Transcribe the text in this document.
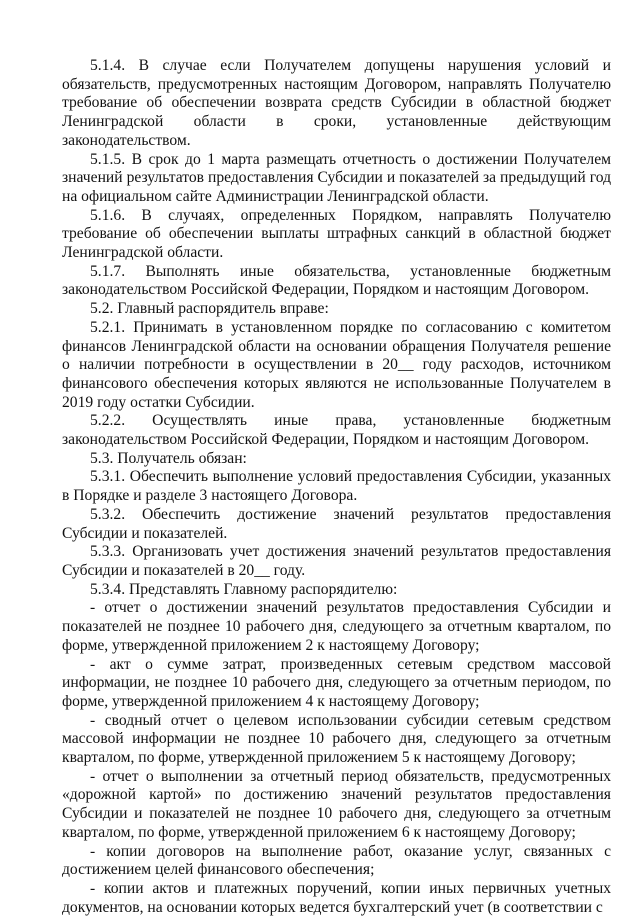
5.1.4. В случае если Получателем допущены нарушения условий и обязательств, предусмотренных настоящим Договором, направлять Получателю требование об обеспечении возврата средств Субсидии в областной бюджет Ленинградской области в сроки, установленные действующим законодательством.

5.1.5. В срок до 1 марта размещать отчетность о достижении Получателем значений результатов предоставления Субсидии и показателей за предыдущий год на официальном сайте Администрации Ленинградской области.

5.1.6. В случаях, определенных Порядком, направлять Получателю требование об обеспечении выплаты штрафных санкций в областной бюджет Ленинградской области.

5.1.7. Выполнять иные обязательства, установленные бюджетным законодательством Российской Федерации, Порядком и настоящим Договором.

5.2. Главный распорядитель вправе:

5.2.1. Принимать в установленном порядке по согласованию с комитетом финансов Ленинградской области на основании обращения Получателя решение о наличии потребности в осуществлении в 20__ году расходов, источником финансового обеспечения которых являются не использованные Получателем в 2019 году остатки Субсидии.

5.2.2. Осуществлять иные права, установленные бюджетным законодательством Российской Федерации, Порядком и настоящим Договором.

5.3. Получатель обязан:

5.3.1. Обеспечить выполнение условий предоставления Субсидии, указанных в Порядке и разделе 3 настоящего Договора.

5.3.2. Обеспечить достижение значений результатов предоставления Субсидии и показателей.

5.3.3. Организовать учет достижения значений результатов предоставления Субсидии и показателей в 20__ году.

5.3.4. Представлять Главному распорядителю:

- отчет о достижении значений результатов предоставления Субсидии и показателей не позднее 10 рабочего дня, следующего за отчетным кварталом, по форме, утвержденной приложением 2 к настоящему Договору;

- акт о сумме затрат, произведенных сетевым средством массовой информации, не позднее 10 рабочего дня, следующего за отчетным периодом, по форме, утвержденной приложением 4 к настоящему Договору;

- сводный отчет о целевом использовании субсидии сетевым средством массовой информации не позднее 10 рабочего дня, следующего за отчетным кварталом, по форме, утвержденной приложением 5 к настоящему Договору;

- отчет о выполнении за отчетный период обязательств, предусмотренных «дорожной картой» по достижению значений результатов предоставления Субсидии и показателей не позднее 10 рабочего дня, следующего за отчетным кварталом, по форме, утвержденной приложением 6 к настоящему Договору;

- копии договоров на выполнение работ, оказание услуг, связанных с достижением целей финансового обеспечения;

- копии актов и платежных поручений, копии иных первичных учетных документов, на основании которых ведется бухгалтерский учет (в соответствии с
